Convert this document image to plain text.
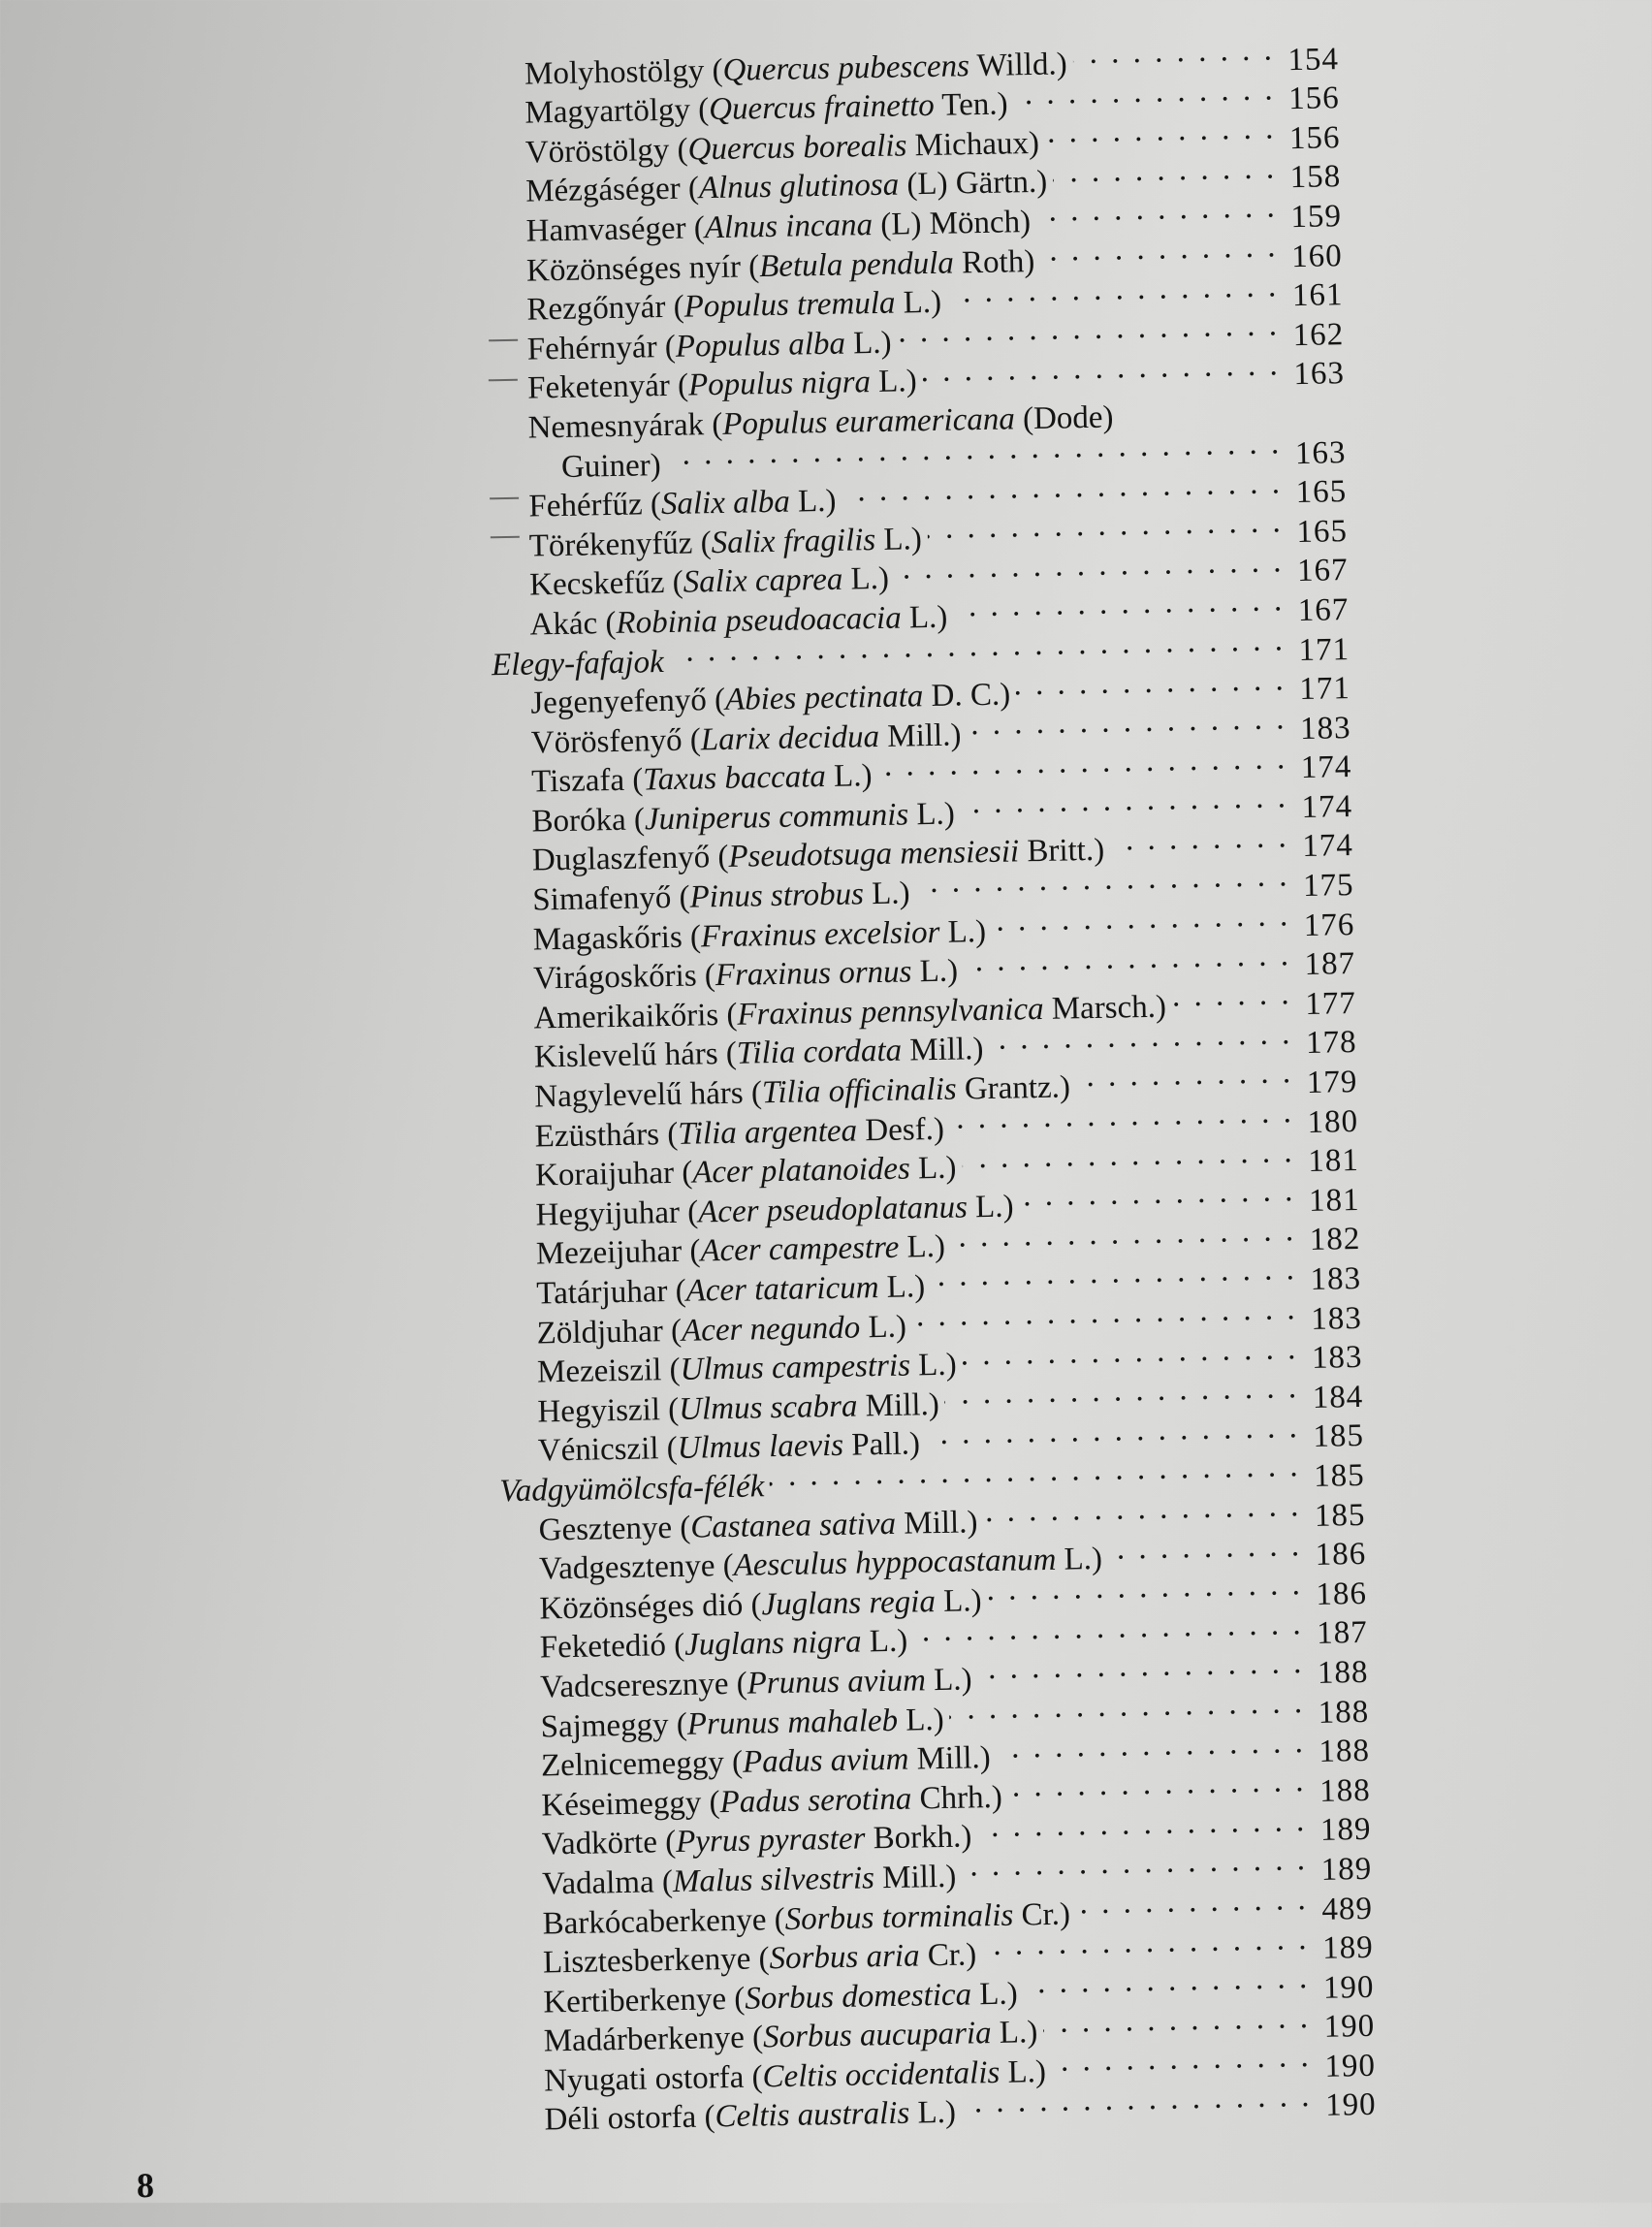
Molyhostölgy (Quercus pubescens Willd.) . . .	154
Magyartölgy (Quercus frainetto Ten.) . . .	156
Vöröstölgy (Quercus borealis Michaux) . . .	156
Mézgáséger (Alnus glutinosa (L) Gärtn.) . . .	158
Hamvaséger (Alnus incana (L) Mönch) . . .	159
Közönséges nyír (Betula pendula Roth) . . .	160
Rezgőnyár (Populus tremula L.) . . .	161
Fehérnyár (Populus alba L.) . . .	162
Feketenyár (Populus nigra L.) . . .	163
Nemesnyárak (Populus euramericana (Dode)
Guiner) . . .	163
Fehérfűz (Salix alba L.) . . .	165
Törékenyfűz (Salix fragilis L.) . . .	165
Kecskefűz (Salix caprea L.) . . .	167
Akác (Robinia pseudoacacia L.) . . .	167
Elegy-fafajok . . .	171
Jegenyefenyő (Abies pectinata D. C.) . . .	171
Vörösfenyő (Larix decidua Mill.) . . .	183
Tiszafa (Taxus baccata L.) . . .	174
Boróka (Juniperus communis L.) . . .	174
Duglaszfenyő (Pseudotsuga mensiesii Britt.) . . .	174
Simafenyő (Pinus strobus L.) . . .	175
Magaskőris (Fraxinus excelsior L.) . . .	176
Virágoskőris (Fraxinus ornus L.) . . .	187
Amerikaikőris (Fraxinus pennsylvanica Marsch.) . . .	177
Kislevelű hárs (Tilia cordata Mill.) . . .	178
Nagylevelű hárs (Tilia officinalis Grantz.) . . .	179
Ezüsthárs (Tilia argentea Desf.) . . .	180
Koraijuhar (Acer platanoides L.) . . .	181
Hegyijuhar (Acer pseudoplatanus L.) . . .	181
Mezeijuhar (Acer campestre L.) . . .	182
Tatárjuhar (Acer tataricum L.) . . .	183
Zöldjuhar (Acer negundo L.) . . .	183
Mezeiszil (Ulmus campestris L.) . . .	183
Hegyiszil (Ulmus scabra Mill.) . . .	184
Vénicszil (Ulmus laevis Pall.) . . .	185
Vadgyümölcsfa-félék . . .	185
Gesztenye (Castanea sativa Mill.) . . .	185
Vadgesztenye (Aesculus hyppocastanum L.) . . .	186
Közönséges dió (Juglans regia L.) . . .	186
Feketedió (Juglans nigra L.) . . .	187
Vadcseresznye (Prunus avium L.) . . .	188
Sajmeggy (Prunus mahaleb L.) . . .	188
Zelnicemeggy (Padus avium Mill.) . . .	188
Késeimeggy (Padus serotina Chrh.) . . .	188
Vadkörte (Pyrus pyraster Borkh.) . . .	189
Vadalma (Malus silvestris Mill.) . . .	189
Barkócaberkenye (Sorbus torminalis Cr.) . . .	489
Lisztesberkenye (Sorbus aria Cr.) . . .	189
Kertiberkenye (Sorbus domestica L.) . . .	190
Madárberkenye (Sorbus aucuparia L.) . . .	190
Nyugati ostorfa (Celtis occidentalis L.) . . .	190
Déli ostorfa (Celtis australis L.) . . .	190
8
